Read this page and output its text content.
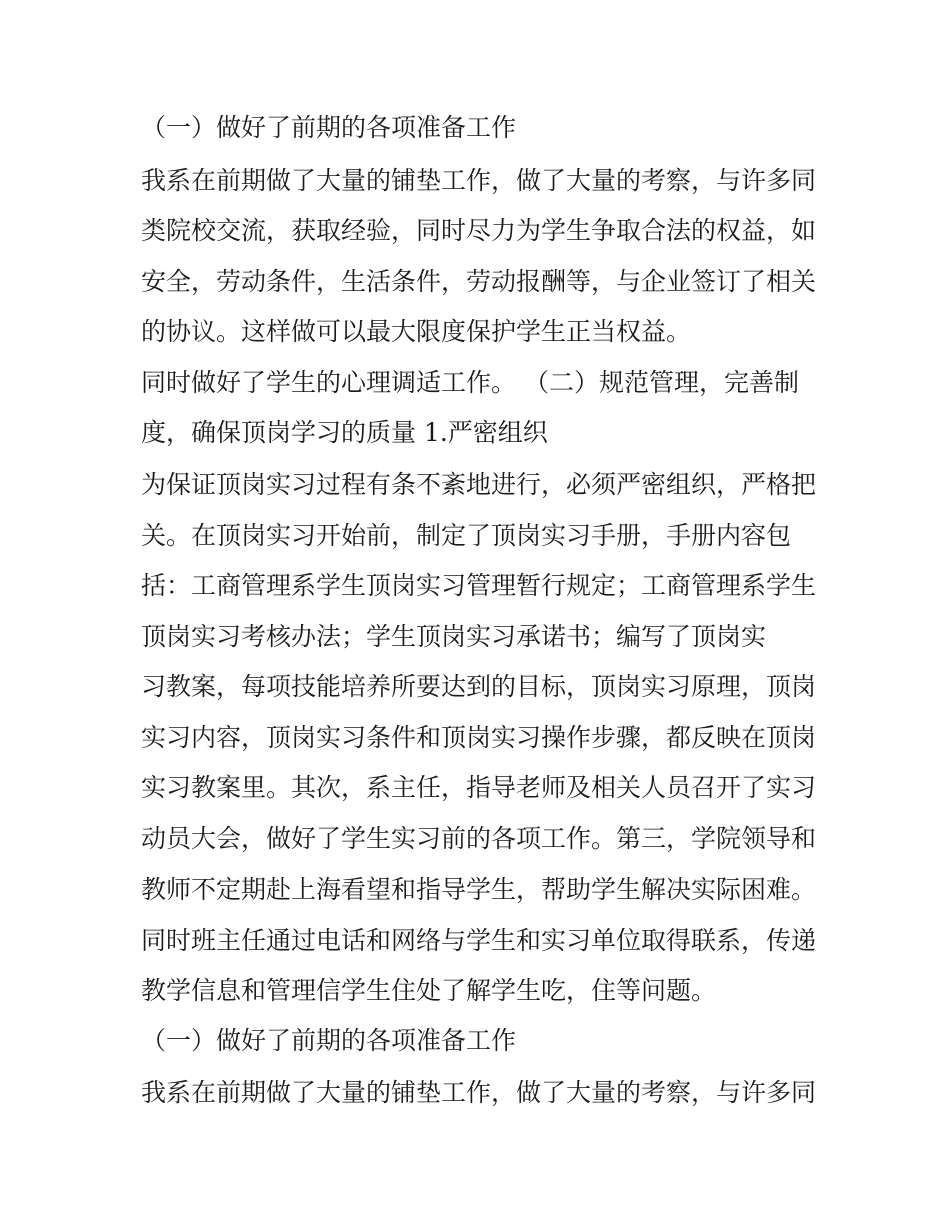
（一）做好了前期的各项准备工作
我系在前期做了大量的铺垫工作，做了大量的考察，与许多同
类院校交流，获取经验，同时尽力为学生争取合法的权益，如
安全，劳动条件，生活条件，劳动报酬等，与企业签订了相关
的协议。这样做可以最大限度保护学生正当权益。
同时做好了学生的心理调适工作。 （二）规范管理，完善制
度，确保顶岗学习的质量 1.严密组织
为保证顶岗实习过程有条不紊地进行，必须严密组织，严格把
关。在顶岗实习开始前，制定了顶岗实习手册，手册内容包
括：工商管理系学生顶岗实习管理暂行规定；工商管理系学生
顶岗实习考核办法；学生顶岗实习承诺书；编写了顶岗实
习教案，每项技能培养所要达到的目标，顶岗实习原理，顶岗
实习内容，顶岗实习条件和顶岗实习操作步骤，都反映在顶岗
实习教案里。其次，系主任，指导老师及相关人员召开了实习
动员大会，做好了学生实习前的各项工作。第三，学院领导和
教师不定期赴上海看望和指导学生，帮助学生解决实际困难。
同时班主任通过电话和网络与学生和实习单位取得联系，传递
教学信息和管理信学生住处了解学生吃，住等问题。
（一）做好了前期的各项准备工作
我系在前期做了大量的铺垫工作，做了大量的考察，与许多同
